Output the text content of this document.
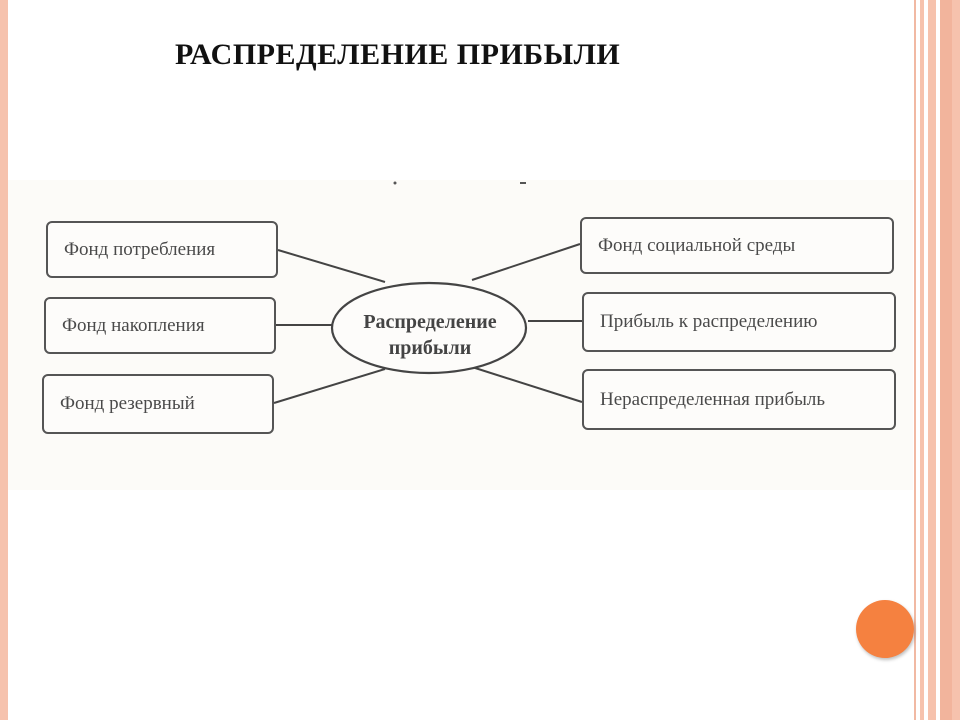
РАСПРЕДЕЛЕНИЕ ПРИБЫЛИ
Распределение
прибыли
Фонд потребления
Фонд накопления
Фонд резервный
Фонд социальной среды
Прибыль к распределению
Нераспределенная прибыль
